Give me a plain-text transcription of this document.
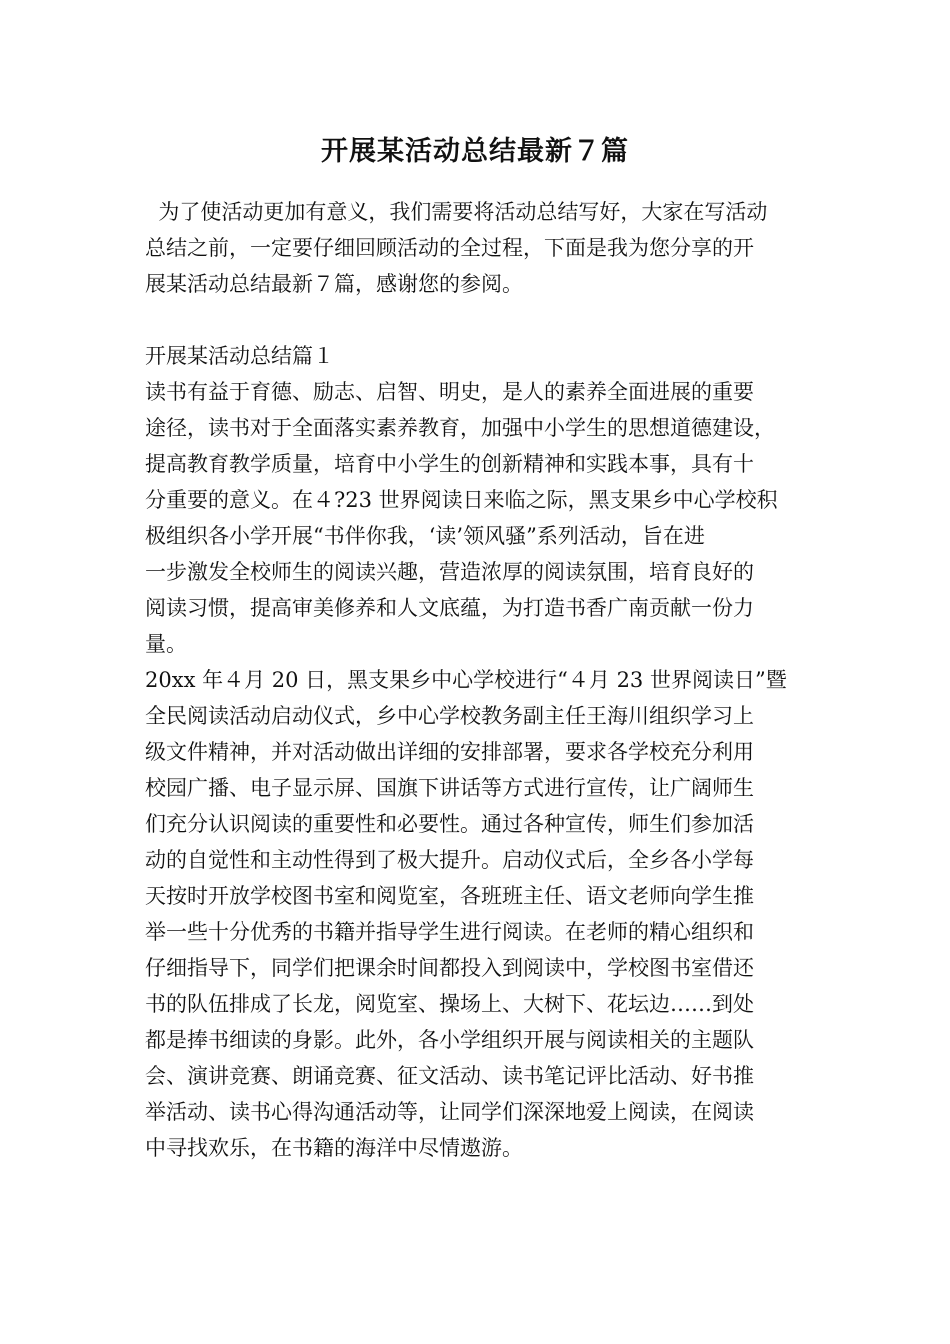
开展某活动总结最新７篇
为了使活动更加有意义，我们需要将活动总结写好，大家在写活动
总结之前，一定要仔细回顾活动的全过程，下面是我为您分享的开
展某活动总结最新７篇，感谢您的参阅。
开展某活动总结篇１
读书有益于育德、励志、启智、明史，是人的素养全面进展的重要
途径，读书对于全面落实素养教育，加强中小学生的思想道德建设，
提高教育教学质量，培育中小学生的创新精神和实践本事，具有十
分重要的意义。在４?23 世界阅读日来临之际，黑支果乡中心学校积
极组织各小学开展“书伴你我，‘读’领风骚”系列活动，旨在进
一步激发全校师生的阅读兴趣，营造浓厚的阅读氛围，培育良好的
阅读习惯，提高审美修养和人文底蕴，为打造书香广南贡献一份力
量。
20xx 年４月 20 日，黑支果乡中心学校进行“４月 23 世界阅读日”暨
全民阅读活动启动仪式，乡中心学校教务副主任王海川组织学习上
级文件精神，并对活动做出详细的安排部署，要求各学校充分利用
校园广播、电子显示屏、国旗下讲话等方式进行宣传，让广阔师生
们充分认识阅读的重要性和必要性。通过各种宣传，师生们参加活
动的自觉性和主动性得到了极大提升。启动仪式后，全乡各小学每
天按时开放学校图书室和阅览室，各班班主任、语文老师向学生推
举一些十分优秀的书籍并指导学生进行阅读。在老师的精心组织和
仔细指导下，同学们把课余时间都投入到阅读中，学校图书室借还
书的队伍排成了长龙，阅览室、操场上、大树下、花坛边……到处
都是捧书细读的身影。此外，各小学组织开展与阅读相关的主题队
会、演讲竞赛、朗诵竞赛、征文活动、读书笔记评比活动、好书推
举活动、读书心得沟通活动等，让同学们深深地爱上阅读，在阅读
中寻找欢乐，在书籍的海洋中尽情遨游。
